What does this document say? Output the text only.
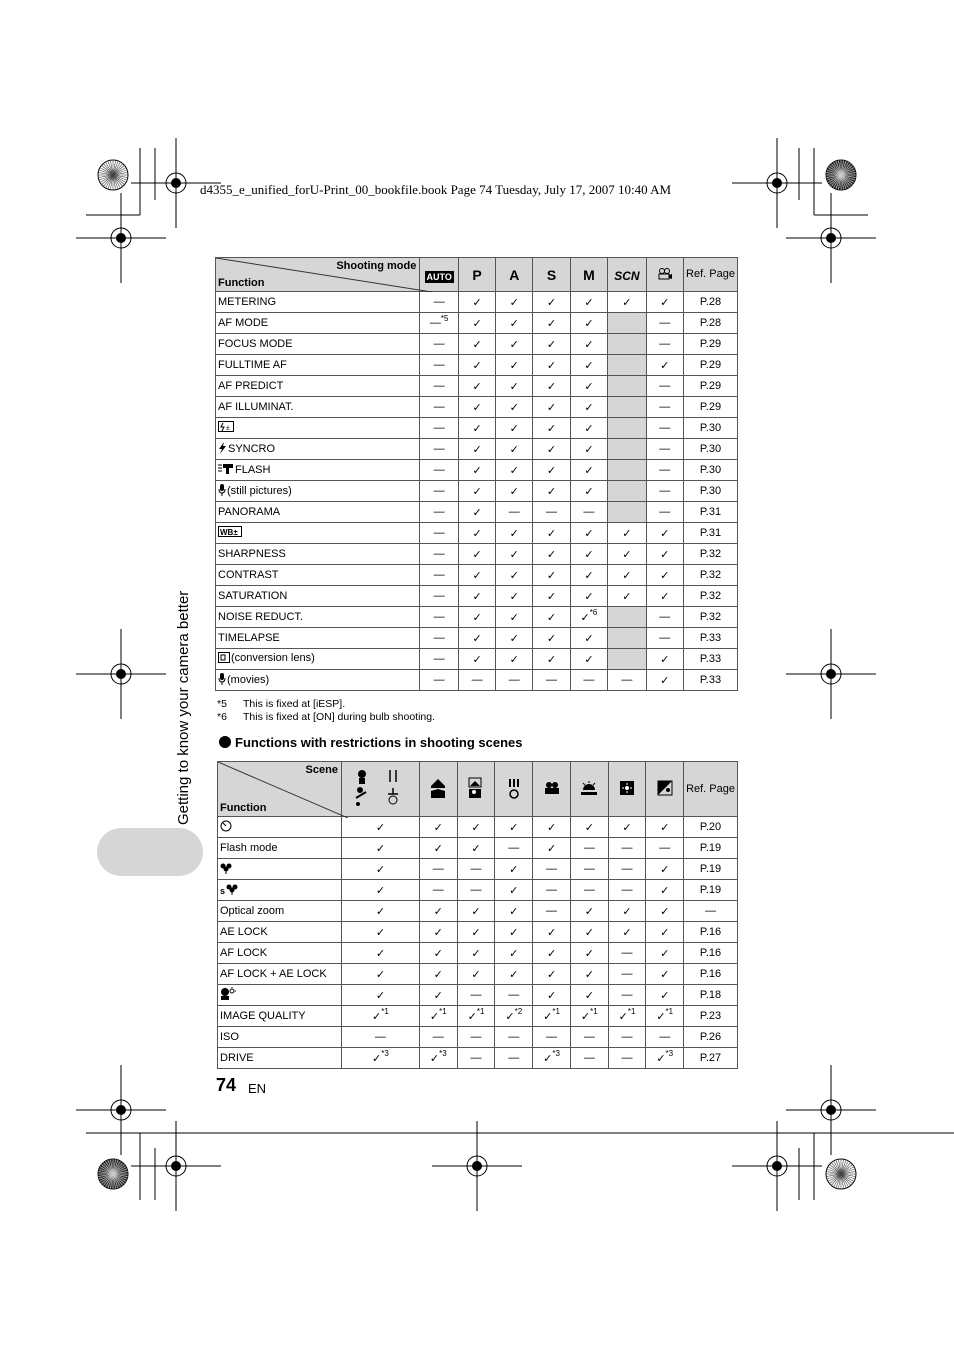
d4355_e_unified_forU-Print_00_bookfile.book Page 74 Tuesday, July 17, 2007 10:40 AM
Getting to know your camera better
Shooting mode
Function	AUTO	P	A	S	M	SCN		Ref. Page
METERING	—	✓	✓	✓	✓	✓	✓	P.28
AF MODE	—$^{*5}$	✓	✓	✓	✓		—	P.28
FOCUS MODE	—	✓	✓	✓	✓		—	P.29
FULLTIME AF	—	✓	✓	✓	✓		✓	P.29
AF PREDICT	—	✓	✓	✓	✓		—	P.29
AF ILLUMINAT.	—	✓	✓	✓	✓		—	P.29

±	—	✓	✓	✓	✓		—	P.30
SYNCRO	—	✓	✓	✓	✓		—	P.30
FLASH	—	✓	✓	✓	✓		—	P.30
(still pictures)	—	✓	✓	✓	✓		—	P.30
PANORAMA	—	✓	—	—	—		—	P.31

WB±	—	✓	✓	✓	✓	✓	✓	P.31
SHARPNESS	—	✓	✓	✓	✓	✓	✓	P.32
CONTRAST	—	✓	✓	✓	✓	✓	✓	P.32
SATURATION	—	✓	✓	✓	✓	✓	✓	P.32
NOISE REDUCT.	—	✓	✓	✓	✓$^{*6}$		—	P.32
TIMELAPSE	—	✓	✓	✓	✓		—	P.33
(conversion lens)	—	✓	✓	✓	✓		✓	P.33
(movies)	—	—	—	—	—	—	✓	P.33
*5 This is fixed at [iESP].
*6 This is fixed at [ON] during bulb shooting.
Functions with restrictions in shooting scenes
Scene
Function									Ref. Page
	✓	✓	✓	✓	✓	✓	✓	✓	P.20
Flash mode	✓	✓	✓	—	✓	—	—	—	P.19
	✓	—	—	✓	—	—	—	✓	P.19

s	✓	—	—	✓	—	—	—	✓	P.19
Optical zoom	✓	✓	✓	✓	—	✓	✓	✓	—
AE LOCK	✓	✓	✓	✓	✓	✓	✓	✓	P.16
AF LOCK	✓	✓	✓	✓	✓	✓	—	✓	P.16
AF LOCK + AE LOCK	✓	✓	✓	✓	✓	✓	—	✓	P.16
	✓	✓	—	—	✓	✓	—	✓	P.18
IMAGE QUALITY	✓$^{*1}$	✓$^{*1}$	✓$^{*1}$	✓$^{*2}$	✓$^{*1}$	✓$^{*1}$	✓$^{*1}$	✓$^{*1}$	P.23
ISO	—	—	—	—	—	—	—	—	P.26
DRIVE	✓$^{*3}$	✓$^{*3}$	—	—	✓$^{*3}$	—	—	✓$^{*3}$	P.27
74 EN
